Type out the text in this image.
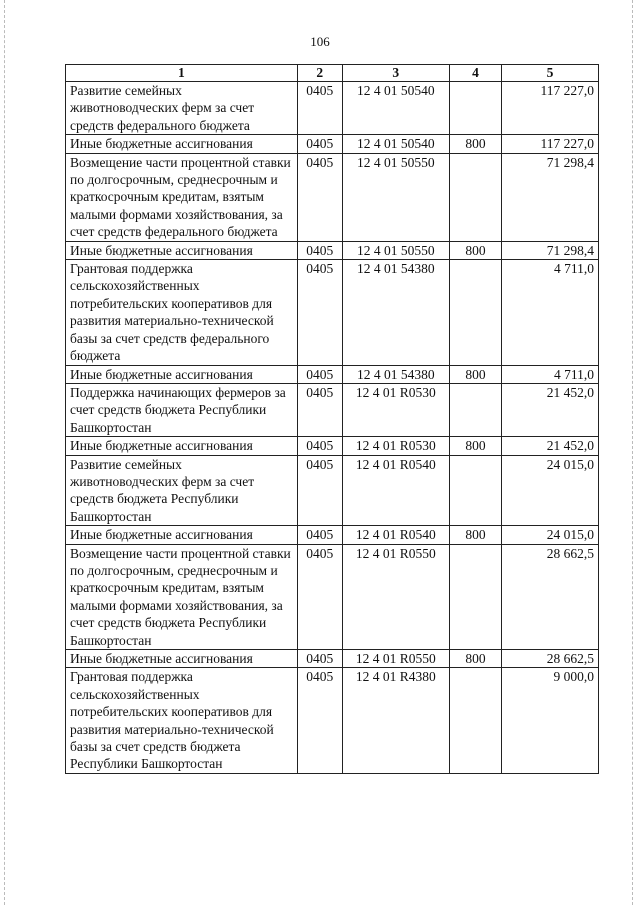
106
1	2	3	4	5
Развитие семейных животноводческих ферм за счет средств федерального бюджета	0405	12 4 01 50540		117 227,0
Иные бюджетные ассигнования	0405	12 4 01 50540	800	117 227,0
Возмещение части процентной ставки по долгосрочным, среднесрочным и краткосрочным кредитам, взятым малыми формами хозяйствования, за счет средств федерального бюджета	0405	12 4 01 50550		71 298,4
Иные бюджетные ассигнования	0405	12 4 01 50550	800	71 298,4
Грантовая поддержка сельскохозяйственных потребительских кооперативов для развития материально-технической базы за счет средств федерального бюджета	0405	12 4 01 54380		4 711,0
Иные бюджетные ассигнования	0405	12 4 01 54380	800	4 711,0
Поддержка начинающих фермеров за счет средств бюджета Республики Башкортостан	0405	12 4 01 R0530		21 452,0
Иные бюджетные ассигнования	0405	12 4 01 R0530	800	21 452,0
Развитие семейных животноводческих ферм за счет средств бюджета Республики Башкортостан	0405	12 4 01 R0540		24 015,0
Иные бюджетные ассигнования	0405	12 4 01 R0540	800	24 015,0
Возмещение части процентной ставки по долгосрочным, среднесрочным и краткосрочным кредитам, взятым малыми формами хозяйствования, за счет средств бюджета Республики Башкортостан	0405	12 4 01 R0550		28 662,5
Иные бюджетные ассигнования	0405	12 4 01 R0550	800	28 662,5
Грантовая поддержка сельскохозяйственных потребительских кооперативов для развития материально-технической базы за счет средств бюджета Республики Башкортостан	0405	12 4 01 R4380		9 000,0
